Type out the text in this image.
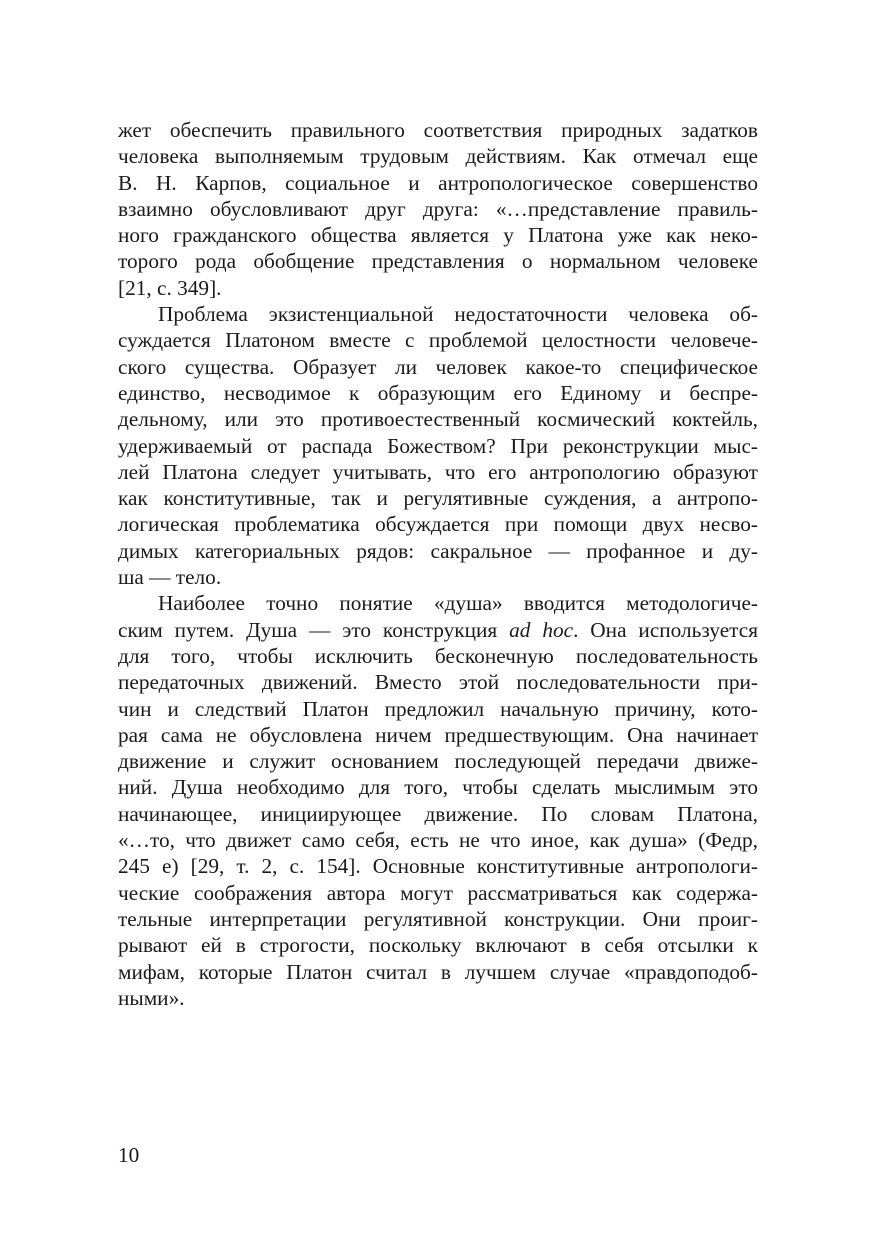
жет обеспечить правильного соответствия природных задатков
человека выполняемым трудовым действиям. Как отмечал еще
В. Н. Карпов, социальное и антропологическое совершенство
взаимно обусловливают друг друга: «…представление правиль-
ного гражданского общества является у Платона уже как неко-
торого рода обобщение представления о нормальном человеке
[21, с. 349].
Проблема экзистенциальной недостаточности человека об-
суждается Платоном вместе с проблемой целостности человече-
ского существа. Образует ли человек какое-то специфическое
единство, несводимое к образующим его Единому и беспре-
дельному, или это противоестественный космический коктейль,
удерживаемый от распада Божеством? При реконструкции мыс-
лей Платона следует учитывать, что его антропологию образуют
как конститутивные, так и регулятивные суждения, а антропо-
логическая проблематика обсуждается при помощи двух несво-
димых категориальных рядов: сакральное — профанное и ду-
ша — тело.
Наиболее точно понятие «душа» вводится методологиче-
ским путем. Душа — это конструкция ad hoc. Она используется
для того, чтобы исключить бесконечную последовательность
передаточных движений. Вместо этой последовательности при-
чин и следствий Платон предложил начальную причину, кото-
рая сама не обусловлена ничем предшествующим. Она начинает
движение и служит основанием последующей передачи движе-
ний. Душа необходимо для того, чтобы сделать мыслимым это
начинающее, инициирующее движение. По словам Платона,
«…то, что движет само себя, есть не что иное, как душа» (Федр,
245 е) [29, т. 2, с. 154]. Основные конститутивные антропологи-
ческие соображения автора могут рассматриваться как содержа-
тельные интерпретации регулятивной конструкции. Они проиг-
рывают ей в строгости, поскольку включают в себя отсылки к
мифам, которые Платон считал в лучшем случае «правдоподоб-
ными».
10
